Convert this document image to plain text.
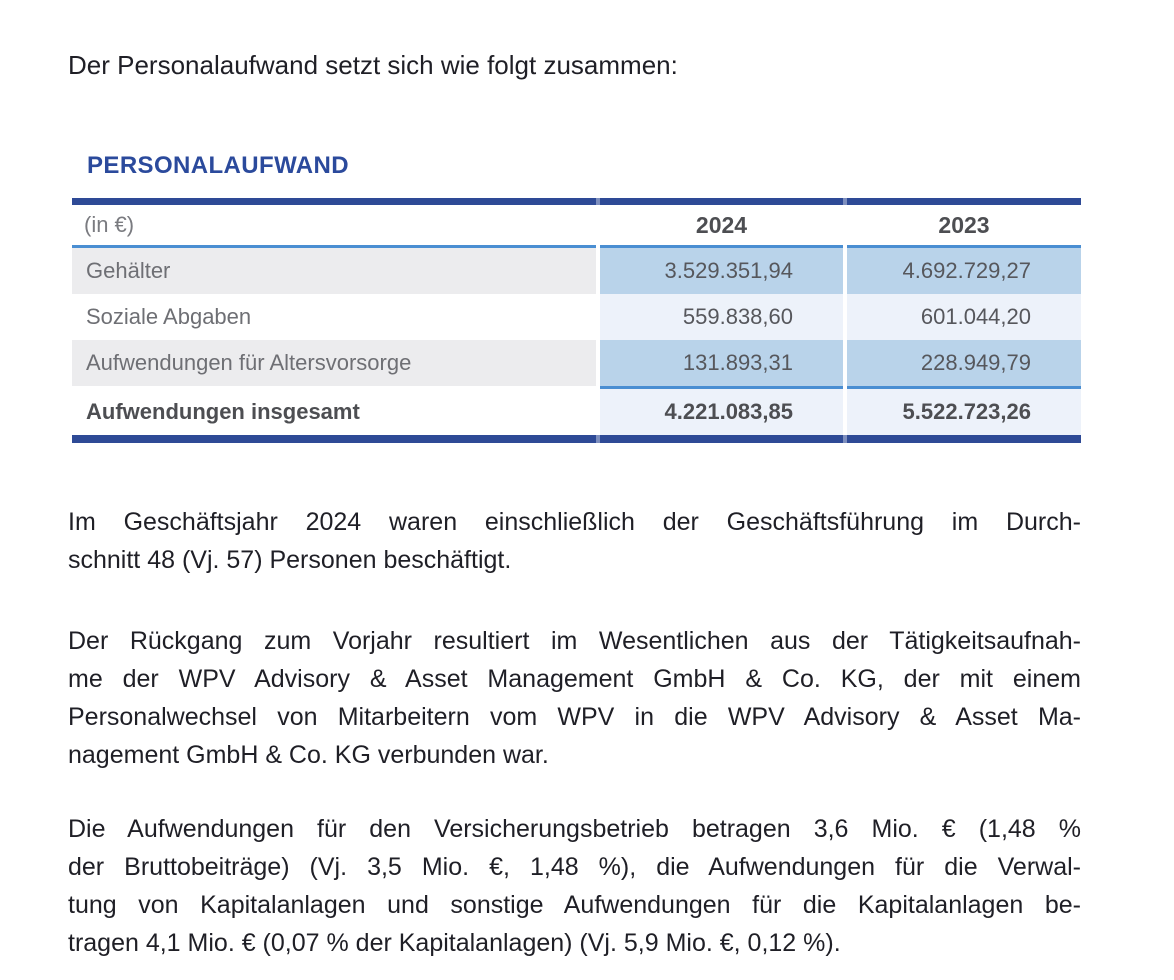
Der Personalaufwand setzt sich wie folgt zusammen:
PERSONALAUFWAND
(in €)	2024	2023
Gehälter	3.529.351,94	4.692.729,27
Soziale Abgaben	559.838,60	601.044,20
Aufwendungen für Altersvorsorge	131.893,31	228.949,79
Aufwendungen insgesamt	4.221.083,85	5.522.723,26
Im Geschäftsjahr 2024 waren einschließlich der Geschäftsführung im Durch-
schnitt 48 (Vj. 57) Personen beschäftigt.
Der Rückgang zum Vorjahr resultiert im Wesentlichen aus der Tätigkeitsaufnah-
me der WPV Advisory & Asset Management GmbH & Co. KG, der mit einem
Personalwechsel von Mitarbeitern vom WPV in die WPV Advisory & Asset Ma-
nagement GmbH & Co. KG verbunden war.
Die Aufwendungen für den Versicherungsbetrieb betragen 3,6 Mio. € (1,48 %
der Bruttobeiträge) (Vj. 3,5 Mio. €, 1,48 %), die Aufwendungen für die Verwal-
tung von Kapitalanlagen und sonstige Aufwendungen für die Kapitalanlagen be-
tragen 4,1 Mio. € (0,07 % der Kapitalanlagen) (Vj. 5,9 Mio. €, 0,12 %).
